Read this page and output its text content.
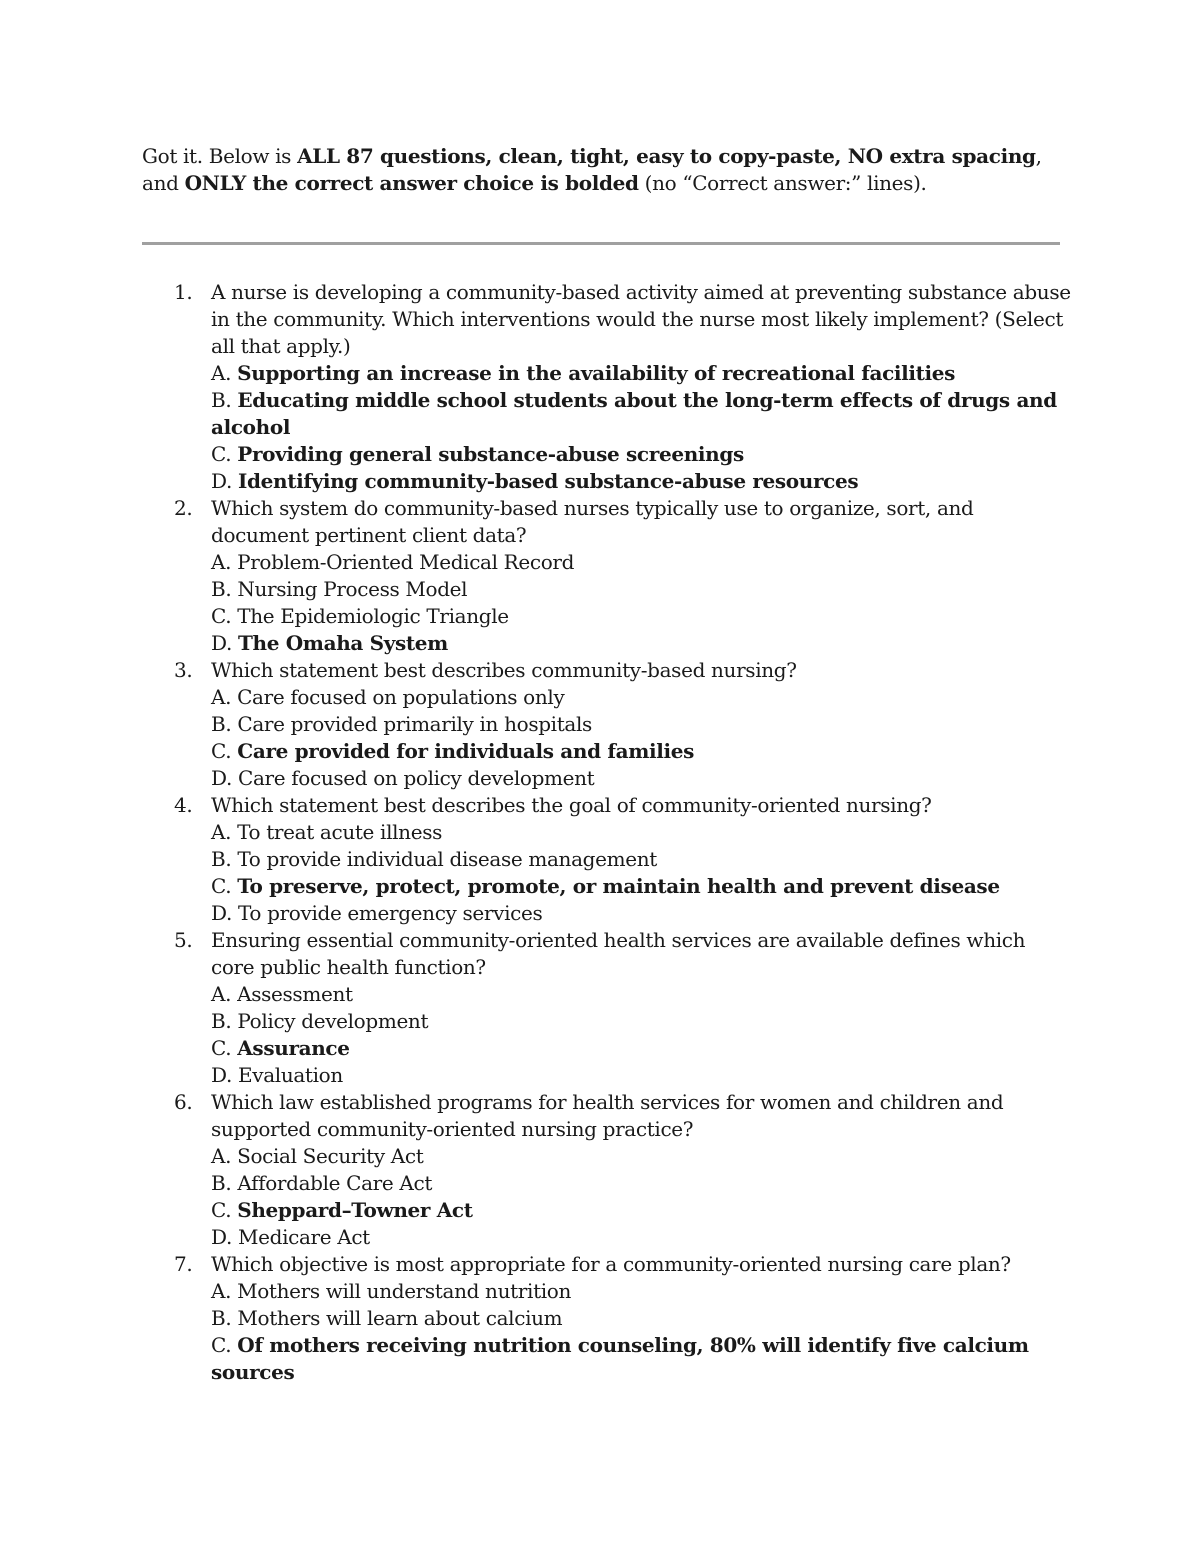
Got it. Below is ALL 87 questions, clean, tight, easy to copy-paste, NO extra spacing, and ONLY the correct answer choice is bolded (no “Correct answer:” lines).
1. A nurse is developing a community-based activity aimed at preventing substance abuse in the community. Which interventions would the nurse most likely implement? (Select all that apply.)
A. Supporting an increase in the availability of recreational facilities
B. Educating middle school students about the long-term effects of drugs and alcohol
C. Providing general substance-abuse screenings
D. Identifying community-based substance-abuse resources
2. Which system do community-based nurses typically use to organize, sort, and document pertinent client data?
A. Problem-Oriented Medical Record
B. Nursing Process Model
C. The Epidemiologic Triangle
D. The Omaha System
3. Which statement best describes community-based nursing?
A. Care focused on populations only
B. Care provided primarily in hospitals
C. Care provided for individuals and families
D. Care focused on policy development
4. Which statement best describes the goal of community-oriented nursing?
A. To treat acute illness
B. To provide individual disease management
C. To preserve, protect, promote, or maintain health and prevent disease
D. To provide emergency services
5. Ensuring essential community-oriented health services are available defines which core public health function?
A. Assessment
B. Policy development
C. Assurance
D. Evaluation
6. Which law established programs for health services for women and children and supported community-oriented nursing practice?
A. Social Security Act
B. Affordable Care Act
C. Sheppard–Towner Act
D. Medicare Act
7. Which objective is most appropriate for a community-oriented nursing care plan?
A. Mothers will understand nutrition
B. Mothers will learn about calcium
C. Of mothers receiving nutrition counseling, 80% will identify five calcium sources
